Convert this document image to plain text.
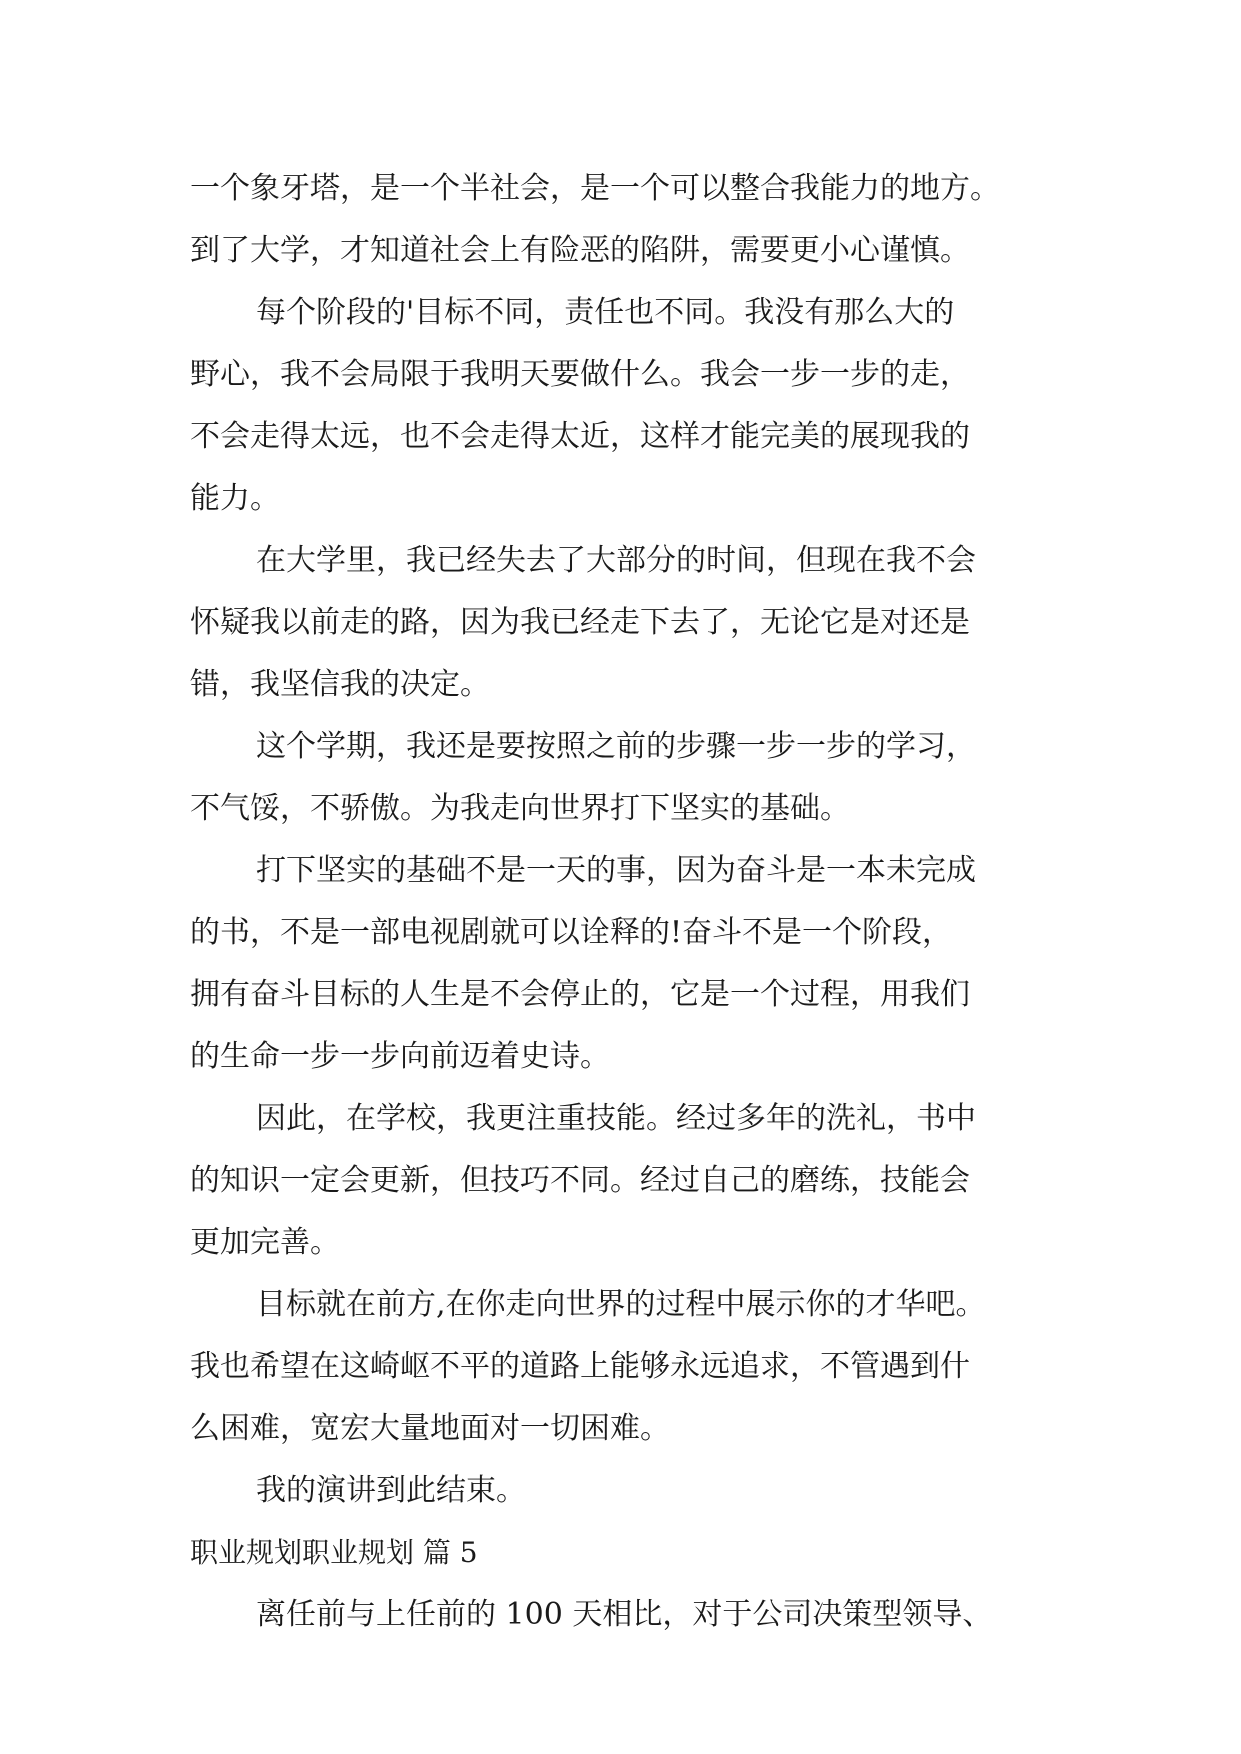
一个象牙塔，是一个半社会，是一个可以整合我能力的地方。

到了大学，才知道社会上有险恶的陷阱，需要更小心谨慎。

每个阶段的'目标不同，责任也不同。我没有那么大的

野心，我不会局限于我明天要做什么。我会一步一步的走，

不会走得太远，也不会走得太近，这样才能完美的展现我的

能力。

在大学里，我已经失去了大部分的时间，但现在我不会

怀疑我以前走的路，因为我已经走下去了，无论它是对还是

错，我坚信我的决定。

这个学期，我还是要按照之前的步骤一步一步的学习，

不气馁，不骄傲。为我走向世界打下坚实的基础。

打下坚实的基础不是一天的事，因为奋斗是一本未完成

的书，不是一部电视剧就可以诠释的!奋斗不是一个阶段，

拥有奋斗目标的人生是不会停止的，它是一个过程，用我们

的生命一步一步向前迈着史诗。

因此，在学校，我更注重技能。经过多年的洗礼，书中

的知识一定会更新，但技巧不同。经过自己的磨练，技能会

更加完善。

目标就在前方,在你走向世界的过程中展示你的才华吧。

我也希望在这崎岖不平的道路上能够永远追求，不管遇到什

么困难，宽宏大量地面对一切困难。

我的演讲到此结束。

职业规划职业规划 篇 5

离任前与上任前的 100 天相比，对于公司决策型领导、
